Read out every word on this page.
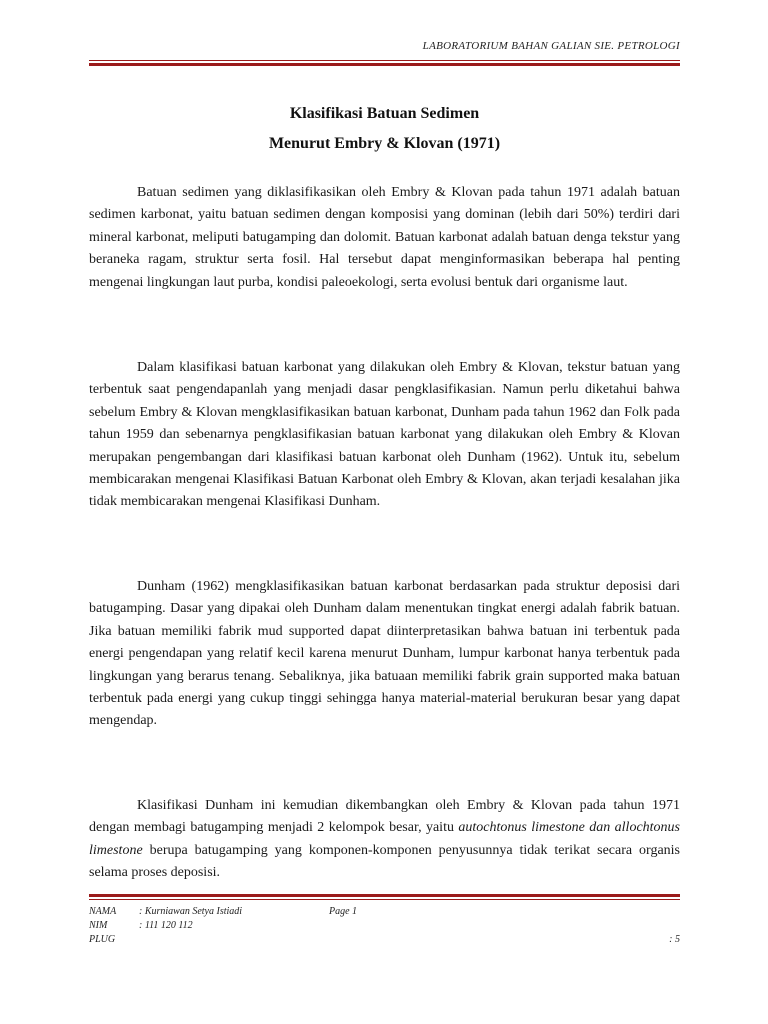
LABORATORIUM BAHAN GALIAN SIE. PETROLOGI
Klasifikasi Batuan Sedimen
Menurut Embry & Klovan (1971)

Batuan sedimen yang diklasifikasikan oleh Embry & Klovan pada tahun 1971 adalah batuan sedimen karbonat, yaitu batuan sedimen dengan komposisi yang dominan (lebih dari 50%) terdiri dari mineral karbonat, meliputi batugamping dan dolomit. Batuan karbonat adalah batuan denga tekstur yang beraneka ragam, struktur serta fosil. Hal tersebut dapat menginformasikan beberapa hal penting mengenai lingkungan laut purba, kondisi paleoekologi, serta evolusi bentuk dari organisme laut.

Dalam klasifikasi batuan karbonat yang dilakukan oleh Embry & Klovan, tekstur batuan yang terbentuk saat pengendapanlah yang menjadi dasar pengklasifikasian. Namun perlu diketahui bahwa sebelum Embry & Klovan mengklasifikasikan batuan karbonat, Dunham pada tahun 1962 dan Folk pada tahun 1959 dan sebenarnya pengklasifikasian batuan karbonat yang dilakukan oleh Embry & Klovan merupakan pengembangan dari klasifikasi batuan karbonat oleh Dunham (1962). Untuk itu, sebelum membicarakan mengenai Klasifikasi Batuan Karbonat oleh Embry & Klovan, akan terjadi kesalahan jika tidak membicarakan mengenai Klasifikasi Dunham.

Dunham (1962) mengklasifikasikan batuan karbonat berdasarkan pada struktur deposisi dari batugamping. Dasar yang dipakai oleh Dunham dalam menentukan tingkat energi adalah fabrik batuan. Jika batuan memiliki fabrik mud supported dapat diinterpretasikan bahwa batuan ini terbentuk pada energi pengendapan yang relatif kecil karena menurut Dunham, lumpur karbonat hanya terbentuk pada lingkungan yang berarus tenang. Sebaliknya, jika batuaan memiliki fabrik grain supported maka batuan terbentuk pada energi yang cukup tinggi sehingga hanya material-material berukuran besar yang dapat mengendap.

Klasifikasi Dunham ini kemudian dikembangkan oleh Embry & Klovan pada tahun 1971 dengan membagi batugamping menjadi 2 kelompok besar, yaitu autochtonus limestone dan allochtonus limestone berupa batugamping yang komponen-komponen penyusunnya tidak terikat secara organis selama proses deposisi.

NAMA : Kurniawan Setya Istiadi	Page 1
NIM	: 111 120 112
PLUG	: 5
